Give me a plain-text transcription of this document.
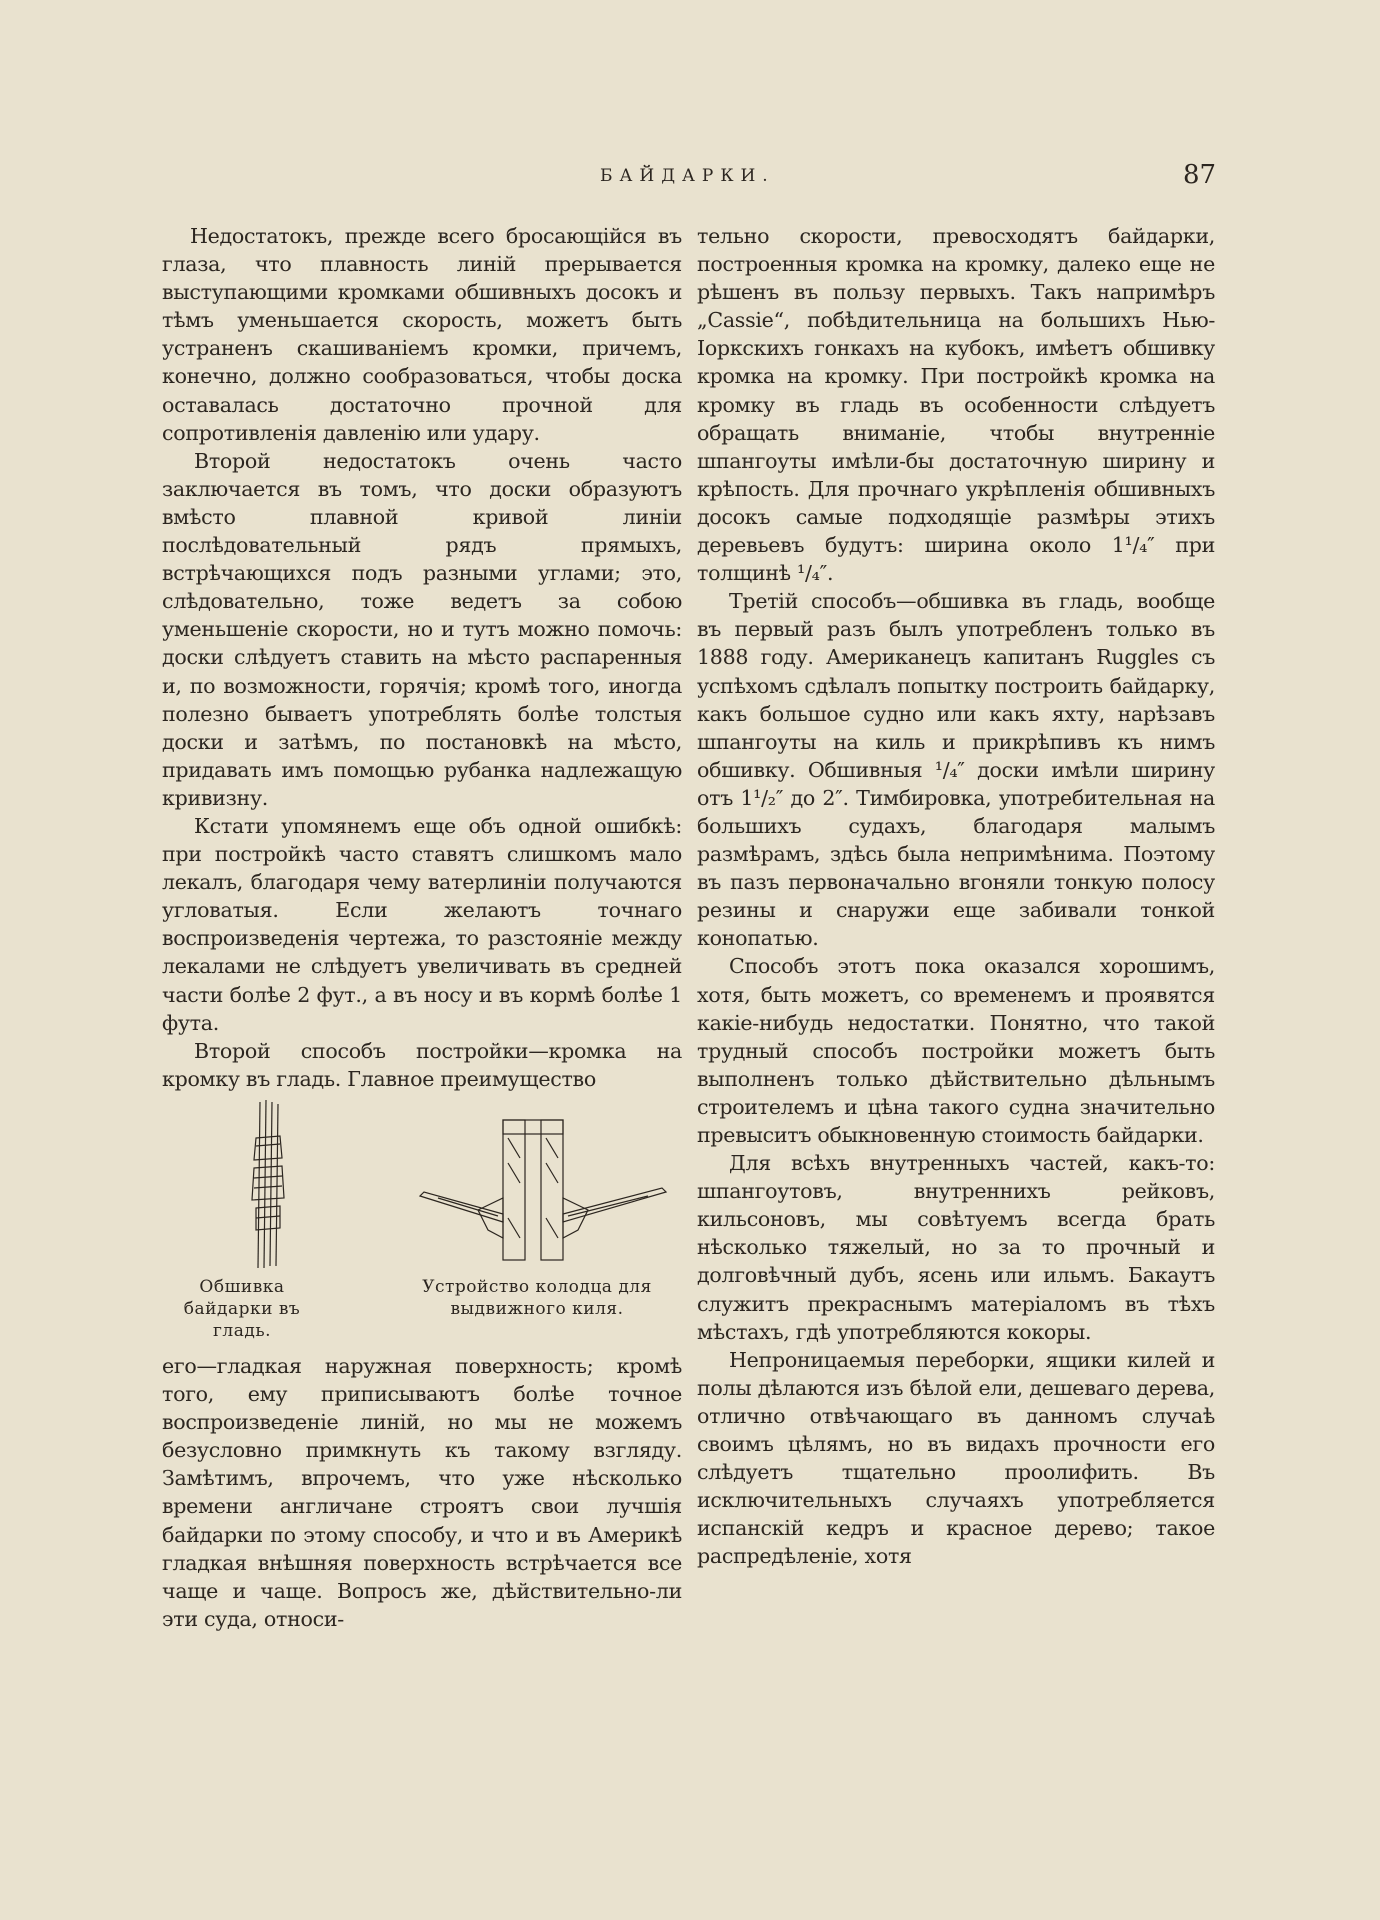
БАЙДАРКИ.	87

Недостатокъ, прежде всего бросающiйся въ глаза, что плавность линiй прерывается выступающими кромками обшивныхъ досокъ и тѣмъ уменьшается скорость, можетъ быть устраненъ скашиванiемъ кромки, причемъ, конечно, должно сообразоваться, чтобы доска оставалась достаточно прочной для сопротивленiя давленiю или удару.

Второй недостатокъ очень часто заключается въ томъ, что доски образуютъ вмѣсто плавной кривой линiи послѣдовательный рядъ прямыхъ, встрѣчающихся подъ разными углами; это, слѣдовательно, тоже ведетъ за собою уменьшенiе скорости, но и тутъ можно помочь: доски слѣдуетъ ставить на мѣсто распаренныя и, по возможности, горячiя; кромѣ того, иногда полезно бываетъ употреблять болѣе толстыя доски и затѣмъ, по постановкѣ на мѣсто, придавать имъ помощью рубанка надлежащую кривизну.

Кстати упомянемъ еще объ одной ошибкѣ: при постройкѣ часто ставятъ слишкомъ мало лекалъ, благодаря чему ватерлинiи получаются угловатыя. Если желаютъ точнаго воспроизведенiя чертежа, то разстоянiе между лекалами не слѣдуетъ увеличивать въ средней части болѣе 2 фут., а въ носу и въ кормѣ болѣе 1 фута.

Второй способъ постройки—кромка на кромку въ гладь. Главное преимущество

Обшивка байдарки въ гладь.
Устройство колодца для выдвижного киля.

его—гладкая наружная поверхность; кромѣ того, ему приписываютъ болѣе точное воспроизведенiе линiй, но мы не можемъ безусловно примкнуть къ такому взгляду. Замѣтимъ, впрочемъ, что уже нѣсколько времени англичане строятъ свои лучшiя байдарки по этому способу, и что и въ Америкѣ гладкая внѣшняя поверхность встрѣчается все чаще и чаще. Вопросъ же, дѣйствительно-ли эти суда, относи-

тельно скорости, превосходятъ байдарки, построенныя кромка на кромку, далеко еще не рѣшенъ въ пользу первыхъ. Такъ напримѣръ „Cassie“, побѣдительница на большихъ Нью-Iоркскихъ гонкахъ на кубокъ, имѣетъ обшивку кромка на кромку. При постройкѣ кромка на кромку въ гладь въ особенности слѣдуетъ обращать вниманiе, чтобы внутреннiе шпангоуты имѣли-бы достаточную ширину и крѣпость. Для прочнаго укрѣпленiя обшивныхъ досокъ самые подходящiе размѣры этихъ деревьевъ будутъ: ширина около 1¹/₄″ при толщинѣ ¹/₄″.

Третiй способъ—обшивка въ гладь, вообще въ первый разъ былъ употребленъ только въ 1888 году. Американецъ капитанъ Ruggles съ успѣхомъ сдѣлалъ попытку построить байдарку, какъ большое судно или какъ яхту, нарѣзавъ шпангоуты на киль и прикрѣпивъ къ нимъ обшивку. Обшивныя ¹/₄″ доски имѣли ширину отъ 1¹/₂″ до 2″. Тимбировка, употребительная на большихъ судахъ, благодаря малымъ размѣрамъ, здѣсь была непримѣнима. Поэтому въ пазъ первоначально вгоняли тонкую полосу резины и снаружи еще забивали тонкой конопатью.

Способъ этотъ пока оказался хорошимъ, хотя, быть можетъ, со временемъ и проявятся какiе-нибудь недостатки. Понятно, что такой трудный способъ постройки можетъ быть выполненъ только дѣйствительно дѣльнымъ строителемъ и цѣна такого судна значительно превыситъ обыкновенную стоимость байдарки.

Для всѣхъ внутренныхъ частей, какъ-то: шпангоутовъ, внутреннихъ рейковъ, кильсоновъ, мы совѣтуемъ всегда брать нѣсколько тяжелый, но за то прочный и долговѣчный дубъ, ясень или ильмъ. Бакаутъ служитъ прекраснымъ матерiаломъ въ тѣхъ мѣстахъ, гдѣ употребляются кокоры.

Непроницаемыя переборки, ящики килей и полы дѣлаются изъ бѣлой ели, дешеваго дерева, отлично отвѣчающаго въ данномъ случаѣ своимъ цѣлямъ, но въ видахъ прочности его слѣдуетъ тщательно проолифить. Въ исключительныхъ случаяхъ употребляется испанскiй кедръ и красное дерево; такое распредѣленiе, хотя
